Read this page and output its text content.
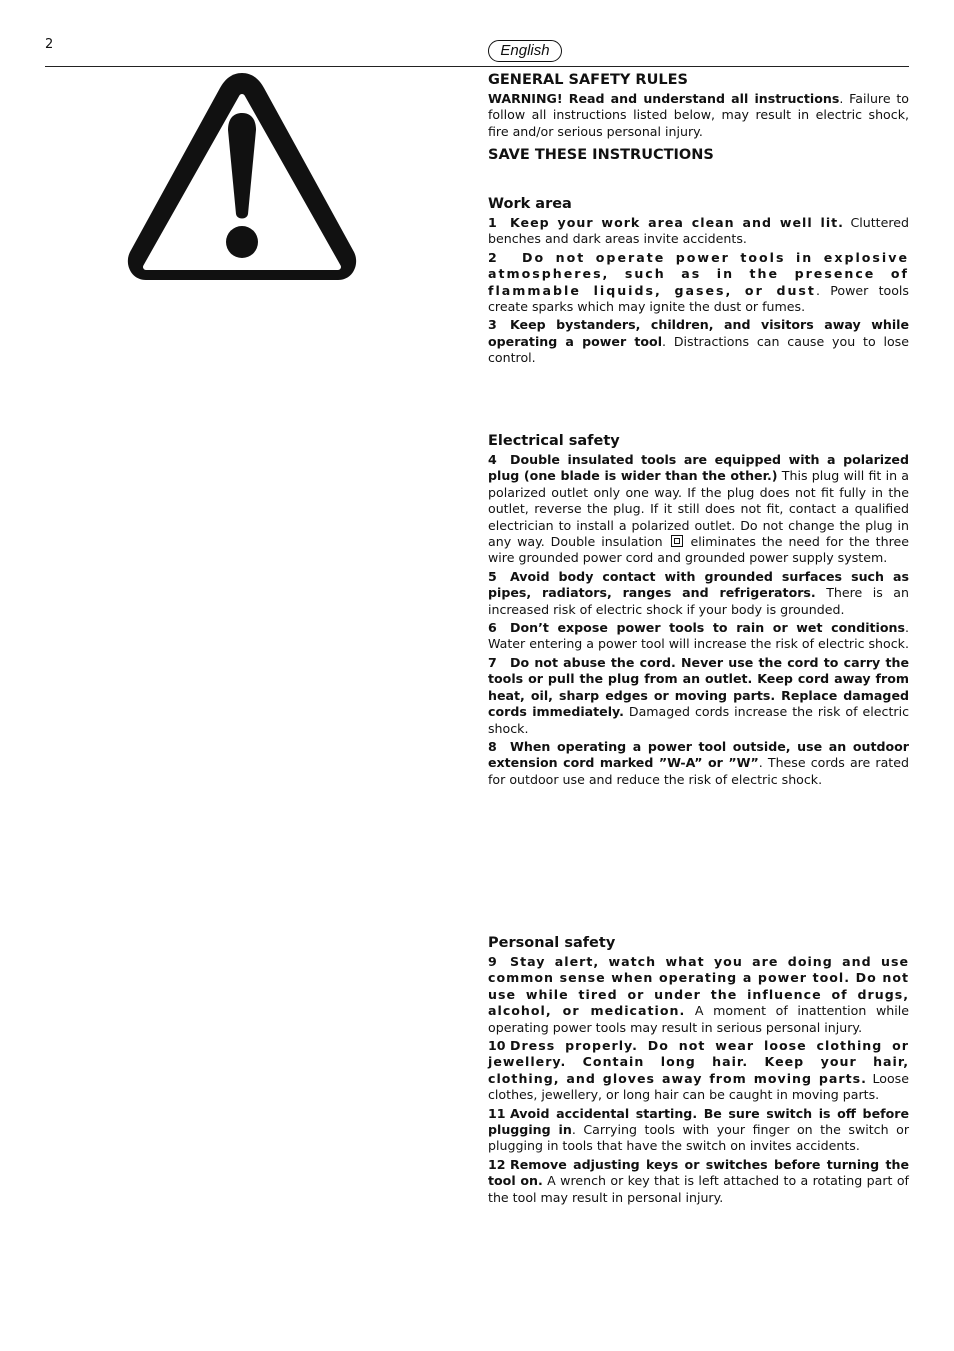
2	English
GENERAL SAFETY RULES

WARNING! Read and understand all instructions. Failure to follow all instructions listed below, may result in electric shock, fire and/or serious personal injury.

SAVE THESE INSTRUCTIONS
Work area

1 Keep your work area clean and well lit. Cluttered benches and dark areas invite accidents.

2 Do not operate power tools in explosive atmospheres, such as in the presence of flammable liquids, gases, or dust. Power tools create sparks which may ignite the dust or fumes.

3 Keep bystanders, children, and visitors away while operating a power tool. Distractions can cause you to lose control.

Electrical safety

4 Double insulated tools are equipped with a polarized plug (one blade is wider than the other.) This plug will fit in a polarized outlet only one way. If the plug does not fit fully in the outlet, reverse the plug. If it still does not fit, contact a qualified electrician to install a polarized outlet. Do not change the plug in any way. Double insulation eliminates the need for the three wire grounded power cord and grounded power supply system.

5 Avoid body contact with grounded surfaces such as pipes, radiators, ranges and refrigerators. There is an increased risk of electric shock if your body is grounded.

6 Don’t expose power tools to rain or wet conditions. Water entering a power tool will increase the risk of electric shock.

7 Do not abuse the cord. Never use the cord to carry the tools or pull the plug from an outlet. Keep cord away from heat, oil, sharp edges or moving parts. Replace damaged cords immediately. Damaged cords increase the risk of electric shock.

8 When operating a power tool outside, use an outdoor extension cord marked ”W-A” or ”W”. These cords are rated for outdoor use and reduce the risk of electric shock.

Personal safety

9 Stay alert, watch what you are doing and use common sense when operating a power tool. Do not use while tired or under the influence of drugs, alcohol, or medication. A moment of inattention while operating power tools may result in serious personal injury.

10 Dress properly. Do not wear loose clothing or jewellery. Contain long hair. Keep your hair, clothing, and gloves away from moving parts. Loose clothes, jewellery, or long hair can be caught in moving parts.

11 Avoid accidental starting. Be sure switch is off before plugging in. Carrying tools with your finger on the switch or plugging in tools that have the switch on invites accidents.

12 Remove adjusting keys or switches before turning the tool on. A wrench or key that is left attached to a rotating part of the tool may result in personal injury.
